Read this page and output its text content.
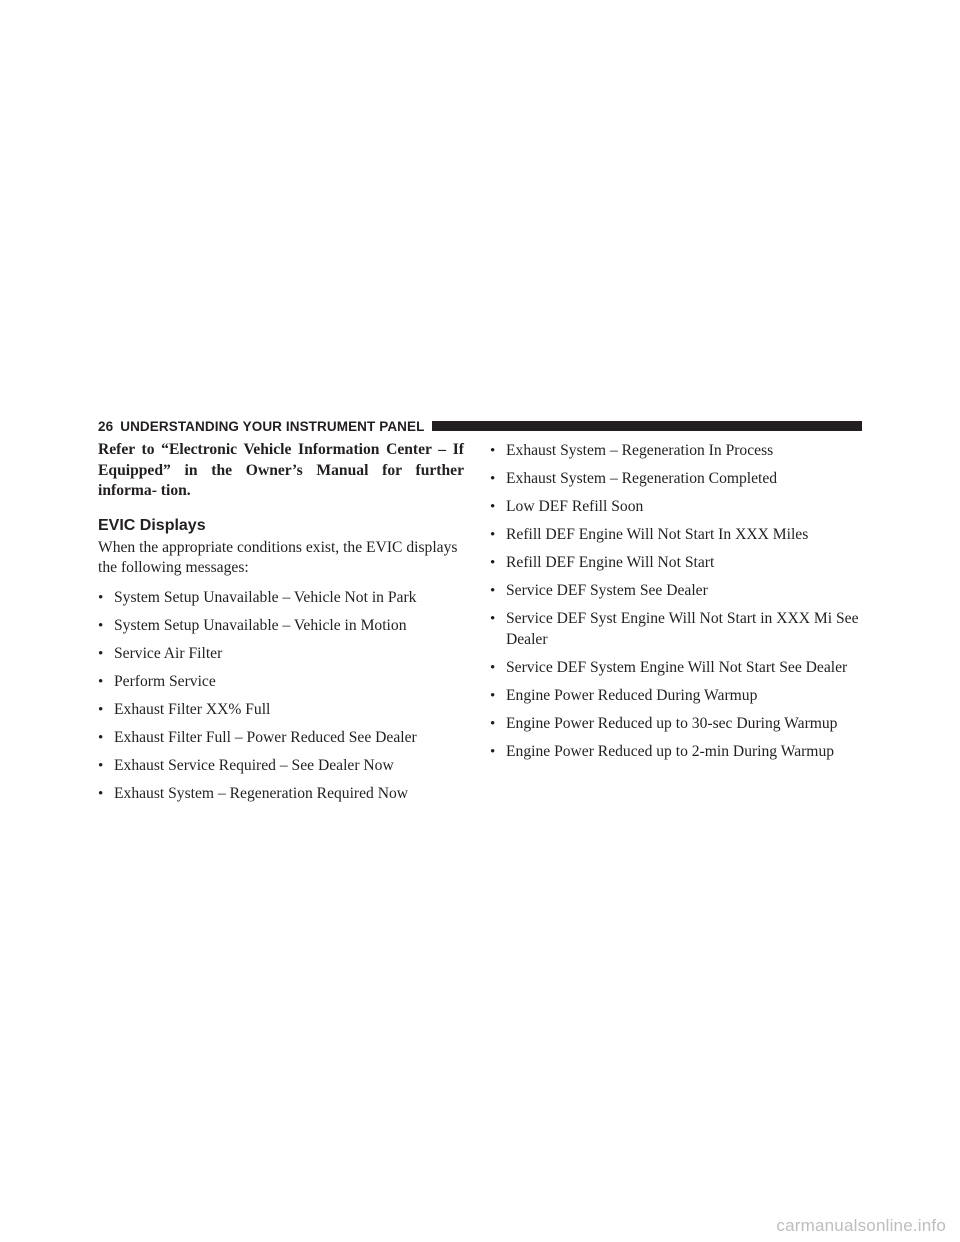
26 UNDERSTANDING YOUR INSTRUMENT PANEL

Refer to “Electronic Vehicle Information Center – If Equipped” in the Owner’s Manual for further informa- tion.

EVIC Displays

When the appropriate conditions exist, the EVIC displays the following messages:

• System Setup Unavailable – Vehicle Not in Park
• System Setup Unavailable – Vehicle in Motion
• Service Air Filter
• Perform Service
• Exhaust Filter XX% Full
• Exhaust Filter Full – Power Reduced See Dealer
• Exhaust Service Required – See Dealer Now
• Exhaust System – Regeneration Required Now
• Exhaust System – Regeneration In Process
• Exhaust System – Regeneration Completed
• Low DEF Refill Soon
• Refill DEF Engine Will Not Start In XXX Miles
• Refill DEF Engine Will Not Start
• Service DEF System See Dealer
• Service DEF Syst Engine Will Not Start in XXX Mi See Dealer
• Service DEF System Engine Will Not Start See Dealer
• Engine Power Reduced During Warmup
• Engine Power Reduced up to 30-sec During Warmup
• Engine Power Reduced up to 2-min During Warmup
carmanualsonline.info
